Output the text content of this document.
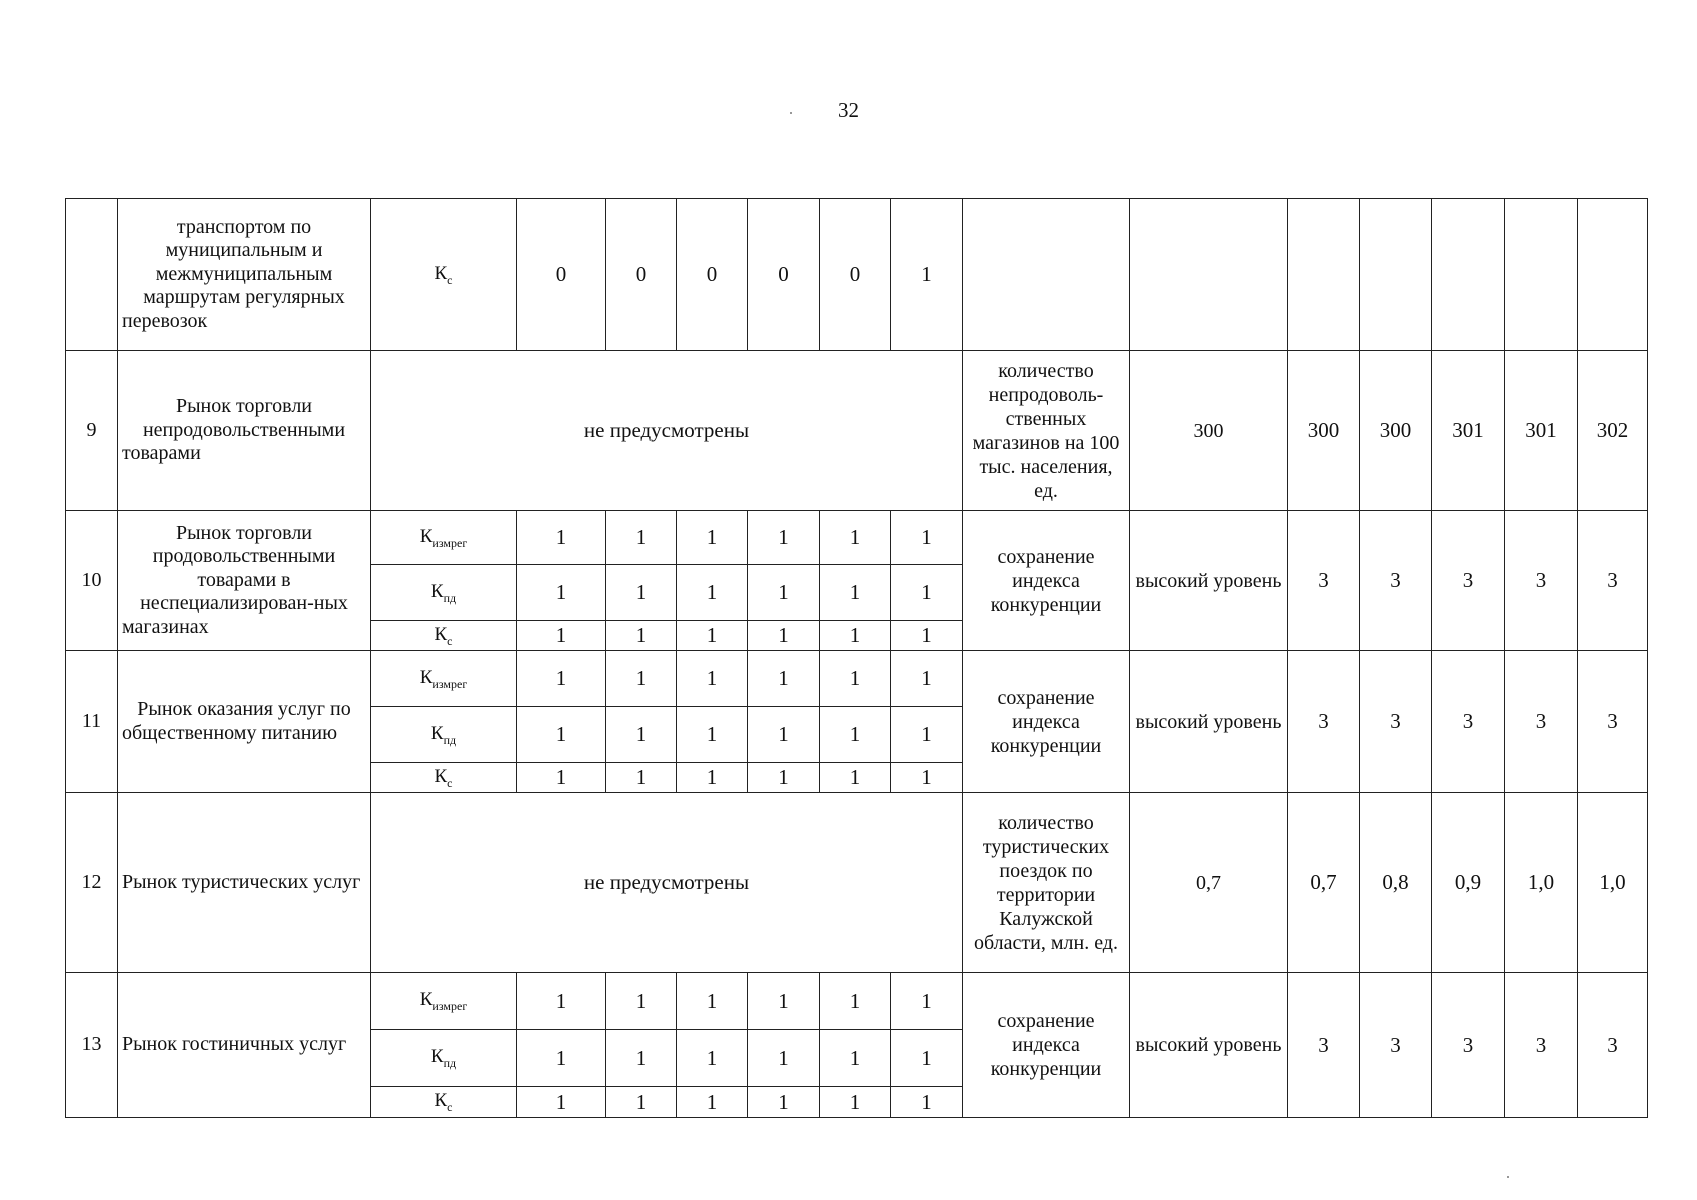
32
	транспортом по муниципальным и межмуниципальным маршрутам регулярных перевозок	$К_с$	0	0	0	0	0	1							
9	Рынок торговли непродовольственными товарами	не предусмотрены							количество непродоволь-ственных магазинов на 100 тыс. населения, ед.	300	300	300	301	301	302
10	Рынок торговли продовольственными товарами в неспециализирован-ных магазинах	$К_{измрег}$	1	1	1	1	1	1	сохранение индекса конкуренции	высокий уровень	3	3	3	3	3
		$К_{пд}$	1	1	1	1	1	1							
		$К_с$	1	1	1	1	1	1							
11	Рынок оказания услуг по общественному питанию	$К_{измрег}$	1	1	1	1	1	1	сохранение индекса конкуренции	высокий уровень	3	3	3	3	3
		$К_{пд}$	1	1	1	1	1	1							
		$К_с$	1	1	1	1	1	1							
12	Рынок туристических услуг	не предусмотрены							количество туристических поездок по территории Калужской области, млн. ед.	0,7	0,7	0,8	0,9	1,0	1,0
13	Рынок гостиничных услуг	$К_{измрег}$	1	1	1	1	1	1	сохранение индекса конкуренции	высокий уровень	3	3	3	3	3
		$К_{пд}$	1	1	1	1	1	1							
		$К_с$	1	1	1	1	1	1							
